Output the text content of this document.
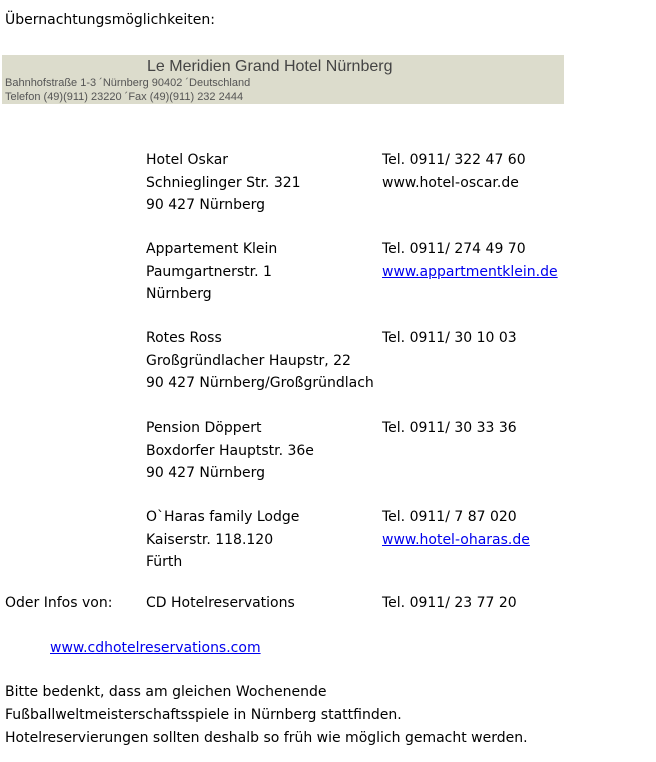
Übernachtungsmöglichkeiten:
Le Meridien Grand Hotel Nürnberg
Bahnhofstraße 1-3 ´Nürnberg 90402 ´Deutschland
Telefon (49)(911) 23220 ´Fax (49)(911) 232 2444
Hotel Oskar
Schnieglinger Str. 321
90 427 Nürnberg
Tel. 0911/ 322 47 60
www.hotel-oscar.de
Appartement Klein
Paumgartnerstr. 1
Nürnberg
Tel. 0911/ 274 49 70
www.appartmentklein.de
Rotes Ross
Großgründlacher Haupstr, 22
90 427 Nürnberg/Großgründlach
Tel. 0911/ 30 10 03
Pension Döppert
Boxdorfer Hauptstr. 36e
90 427 Nürnberg
Tel. 0911/ 30 33 36
O`Haras family Lodge
Kaiserstr. 118.120
Fürth
Tel. 0911/ 7 87 020
www.hotel-oharas.de
Oder Infos von: CD Hotelreservations	Tel. 0911/ 23 77 20
www.cdhotelreservations.com
Bitte bedenkt, dass am gleichen Wochenende
Fußballweltmeisterschaftsspiele in Nürnberg stattfinden.
Hotelreservierungen sollten deshalb so früh wie möglich gemacht werden.
